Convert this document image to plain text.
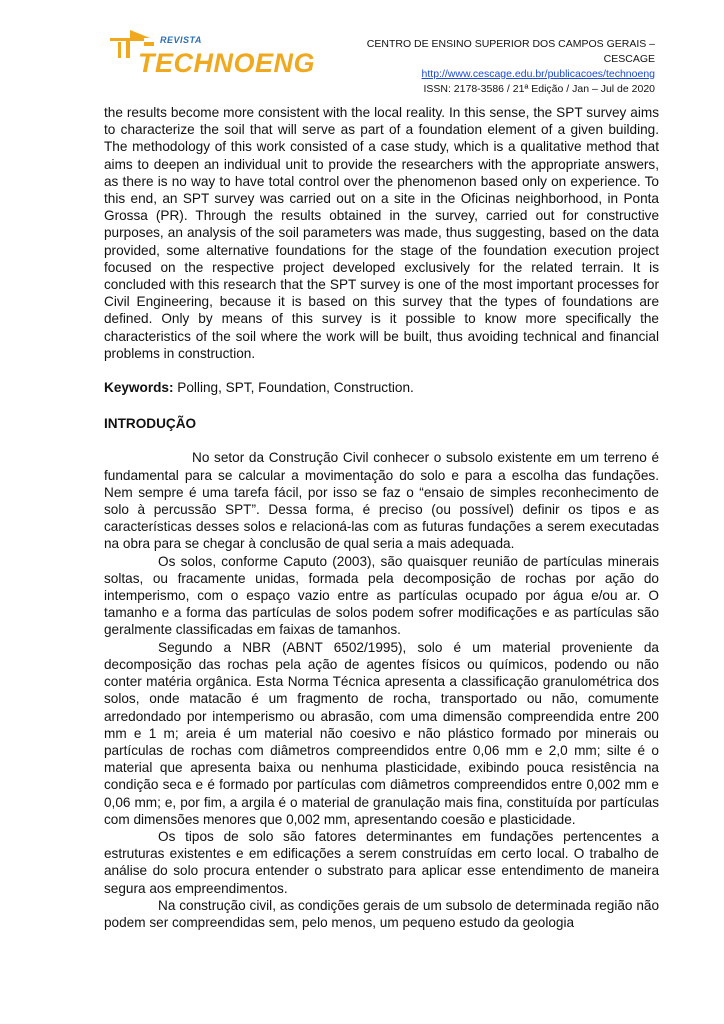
REVISTA
TECHNOENG
CENTRO DE ENSINO SUPERIOR DOS CAMPOS GERAIS – CESCAGE
http://www.cescage.edu.br/publicacoes/technoeng
ISSN: 2178-3586 / 21ª Edição / Jan – Jul de 2020

the results become more consistent with the local reality. In this sense, the SPT survey aims to characterize the soil that will serve as part of a foundation element of a given building. The methodology of this work consisted of a case study, which is a qualitative method that aims to deepen an individual unit to provide the researchers with the appropriate answers, as there is no way to have total control over the phenomenon based only on experience. To this end, an SPT survey was carried out on a site in the Oficinas neighborhood, in Ponta Grossa (PR). Through the results obtained in the survey, carried out for constructive purposes, an analysis of the soil parameters was made, thus suggesting, based on the data provided, some alternative foundations for the stage of the foundation execution project focused on the respective project developed exclusively for the related terrain. It is concluded with this research that the SPT survey is one of the most important processes for Civil Engineering, because it is based on this survey that the types of foundations are defined. Only by means of this survey is it possible to know more specifically the characteristics of the soil where the work will be built, thus avoiding technical and financial problems in construction.

Keywords: Polling, SPT, Foundation, Construction.

INTRODUÇÃO

No setor da Construção Civil conhecer o subsolo existente em um terreno é fundamental para se calcular a movimentação do solo e para a escolha das fundações. Nem sempre é uma tarefa fácil, por isso se faz o “ensaio de simples reconhecimento de solo à percussão SPT”. Dessa forma, é preciso (ou possível) definir os tipos e as características desses solos e relacioná-las com as futuras fundações a serem executadas na obra para se chegar à conclusão de qual seria a mais adequada.

Os solos, conforme Caputo (2003), são quaisquer reunião de partículas minerais soltas, ou fracamente unidas, formada pela decomposição de rochas por ação do intemperismo, com o espaço vazio entre as partículas ocupado por água e/ou ar. O tamanho e a forma das partículas de solos podem sofrer modificações e as partículas são geralmente classificadas em faixas de tamanhos.

Segundo a NBR (ABNT 6502/1995), solo é um material proveniente da decomposição das rochas pela ação de agentes físicos ou químicos, podendo ou não conter matéria orgânica. Esta Norma Técnica apresenta a classificação granulométrica dos solos, onde matacão é um fragmento de rocha, transportado ou não, comumente arredondado por intemperismo ou abrasão, com uma dimensão compreendida entre 200 mm e 1 m; areia é um material não coesivo e não plástico formado por minerais ou partículas de rochas com diâmetros compreendidos entre 0,06 mm e 2,0 mm; silte é o material que apresenta baixa ou nenhuma plasticidade, exibindo pouca resistência na condição seca e é formado por partículas com diâmetros compreendidos entre 0,002 mm e 0,06 mm; e, por fim, a argila é o material de granulação mais fina, constituída por partículas com dimensões menores que 0,002 mm, apresentando coesão e plasticidade.

Os tipos de solo são fatores determinantes em fundações pertencentes a estruturas existentes e em edificações a serem construídas em certo local. O trabalho de análise do solo procura entender o substrato para aplicar esse entendimento de maneira segura aos empreendimentos.

Na construção civil, as condições gerais de um subsolo de determinada região não podem ser compreendidas sem, pelo menos, um pequeno estudo da geologia
